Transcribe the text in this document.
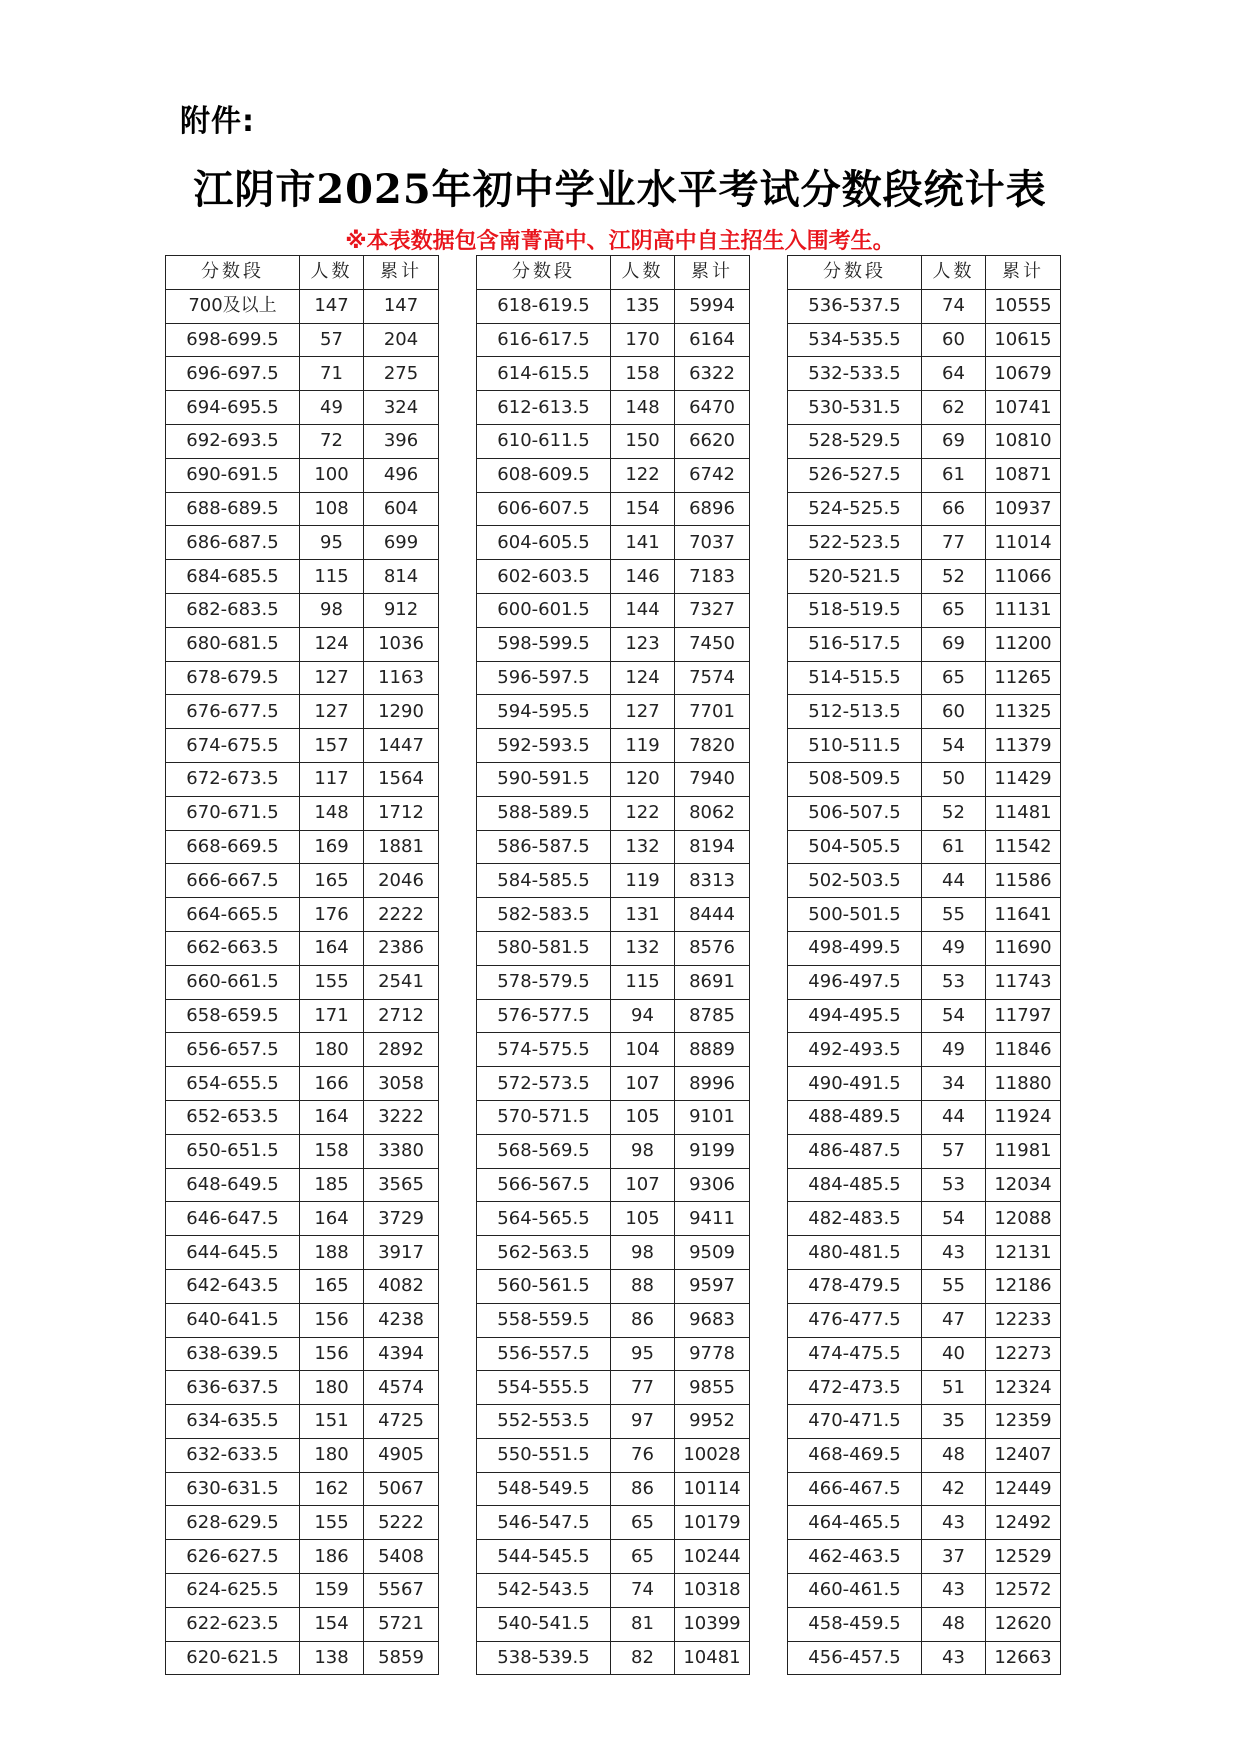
附件:
江阴市2025年初中学业水平考试分数段统计表
※本表数据包含南菁高中、江阴高中自主招生入围考生。
分数段	人数	累计
700及以上	147	147
698-699.5	57	204
696-697.5	71	275
694-695.5	49	324
692-693.5	72	396
690-691.5	100	496
688-689.5	108	604
686-687.5	95	699
684-685.5	115	814
682-683.5	98	912
680-681.5	124	1036
678-679.5	127	1163
676-677.5	127	1290
674-675.5	157	1447
672-673.5	117	1564
670-671.5	148	1712
668-669.5	169	1881
666-667.5	165	2046
664-665.5	176	2222
662-663.5	164	2386
660-661.5	155	2541
658-659.5	171	2712
656-657.5	180	2892
654-655.5	166	3058
652-653.5	164	3222
650-651.5	158	3380
648-649.5	185	3565
646-647.5	164	3729
644-645.5	188	3917
642-643.5	165	4082
640-641.5	156	4238
638-639.5	156	4394
636-637.5	180	4574
634-635.5	151	4725
632-633.5	180	4905
630-631.5	162	5067
628-629.5	155	5222
626-627.5	186	5408
624-625.5	159	5567
622-623.5	154	5721
620-621.5	138	5859
分数段	人数	累计
618-619.5	135	5994
616-617.5	170	6164
614-615.5	158	6322
612-613.5	148	6470
610-611.5	150	6620
608-609.5	122	6742
606-607.5	154	6896
604-605.5	141	7037
602-603.5	146	7183
600-601.5	144	7327
598-599.5	123	7450
596-597.5	124	7574
594-595.5	127	7701
592-593.5	119	7820
590-591.5	120	7940
588-589.5	122	8062
586-587.5	132	8194
584-585.5	119	8313
582-583.5	131	8444
580-581.5	132	8576
578-579.5	115	8691
576-577.5	94	8785
574-575.5	104	8889
572-573.5	107	8996
570-571.5	105	9101
568-569.5	98	9199
566-567.5	107	9306
564-565.5	105	9411
562-563.5	98	9509
560-561.5	88	9597
558-559.5	86	9683
556-557.5	95	9778
554-555.5	77	9855
552-553.5	97	9952
550-551.5	76	10028
548-549.5	86	10114
546-547.5	65	10179
544-545.5	65	10244
542-543.5	74	10318
540-541.5	81	10399
538-539.5	82	10481
分数段	人数	累计
536-537.5	74	10555
534-535.5	60	10615
532-533.5	64	10679
530-531.5	62	10741
528-529.5	69	10810
526-527.5	61	10871
524-525.5	66	10937
522-523.5	77	11014
520-521.5	52	11066
518-519.5	65	11131
516-517.5	69	11200
514-515.5	65	11265
512-513.5	60	11325
510-511.5	54	11379
508-509.5	50	11429
506-507.5	52	11481
504-505.5	61	11542
502-503.5	44	11586
500-501.5	55	11641
498-499.5	49	11690
496-497.5	53	11743
494-495.5	54	11797
492-493.5	49	11846
490-491.5	34	11880
488-489.5	44	11924
486-487.5	57	11981
484-485.5	53	12034
482-483.5	54	12088
480-481.5	43	12131
478-479.5	55	12186
476-477.5	47	12233
474-475.5	40	12273
472-473.5	51	12324
470-471.5	35	12359
468-469.5	48	12407
466-467.5	42	12449
464-465.5	43	12492
462-463.5	37	12529
460-461.5	43	12572
458-459.5	48	12620
456-457.5	43	12663
